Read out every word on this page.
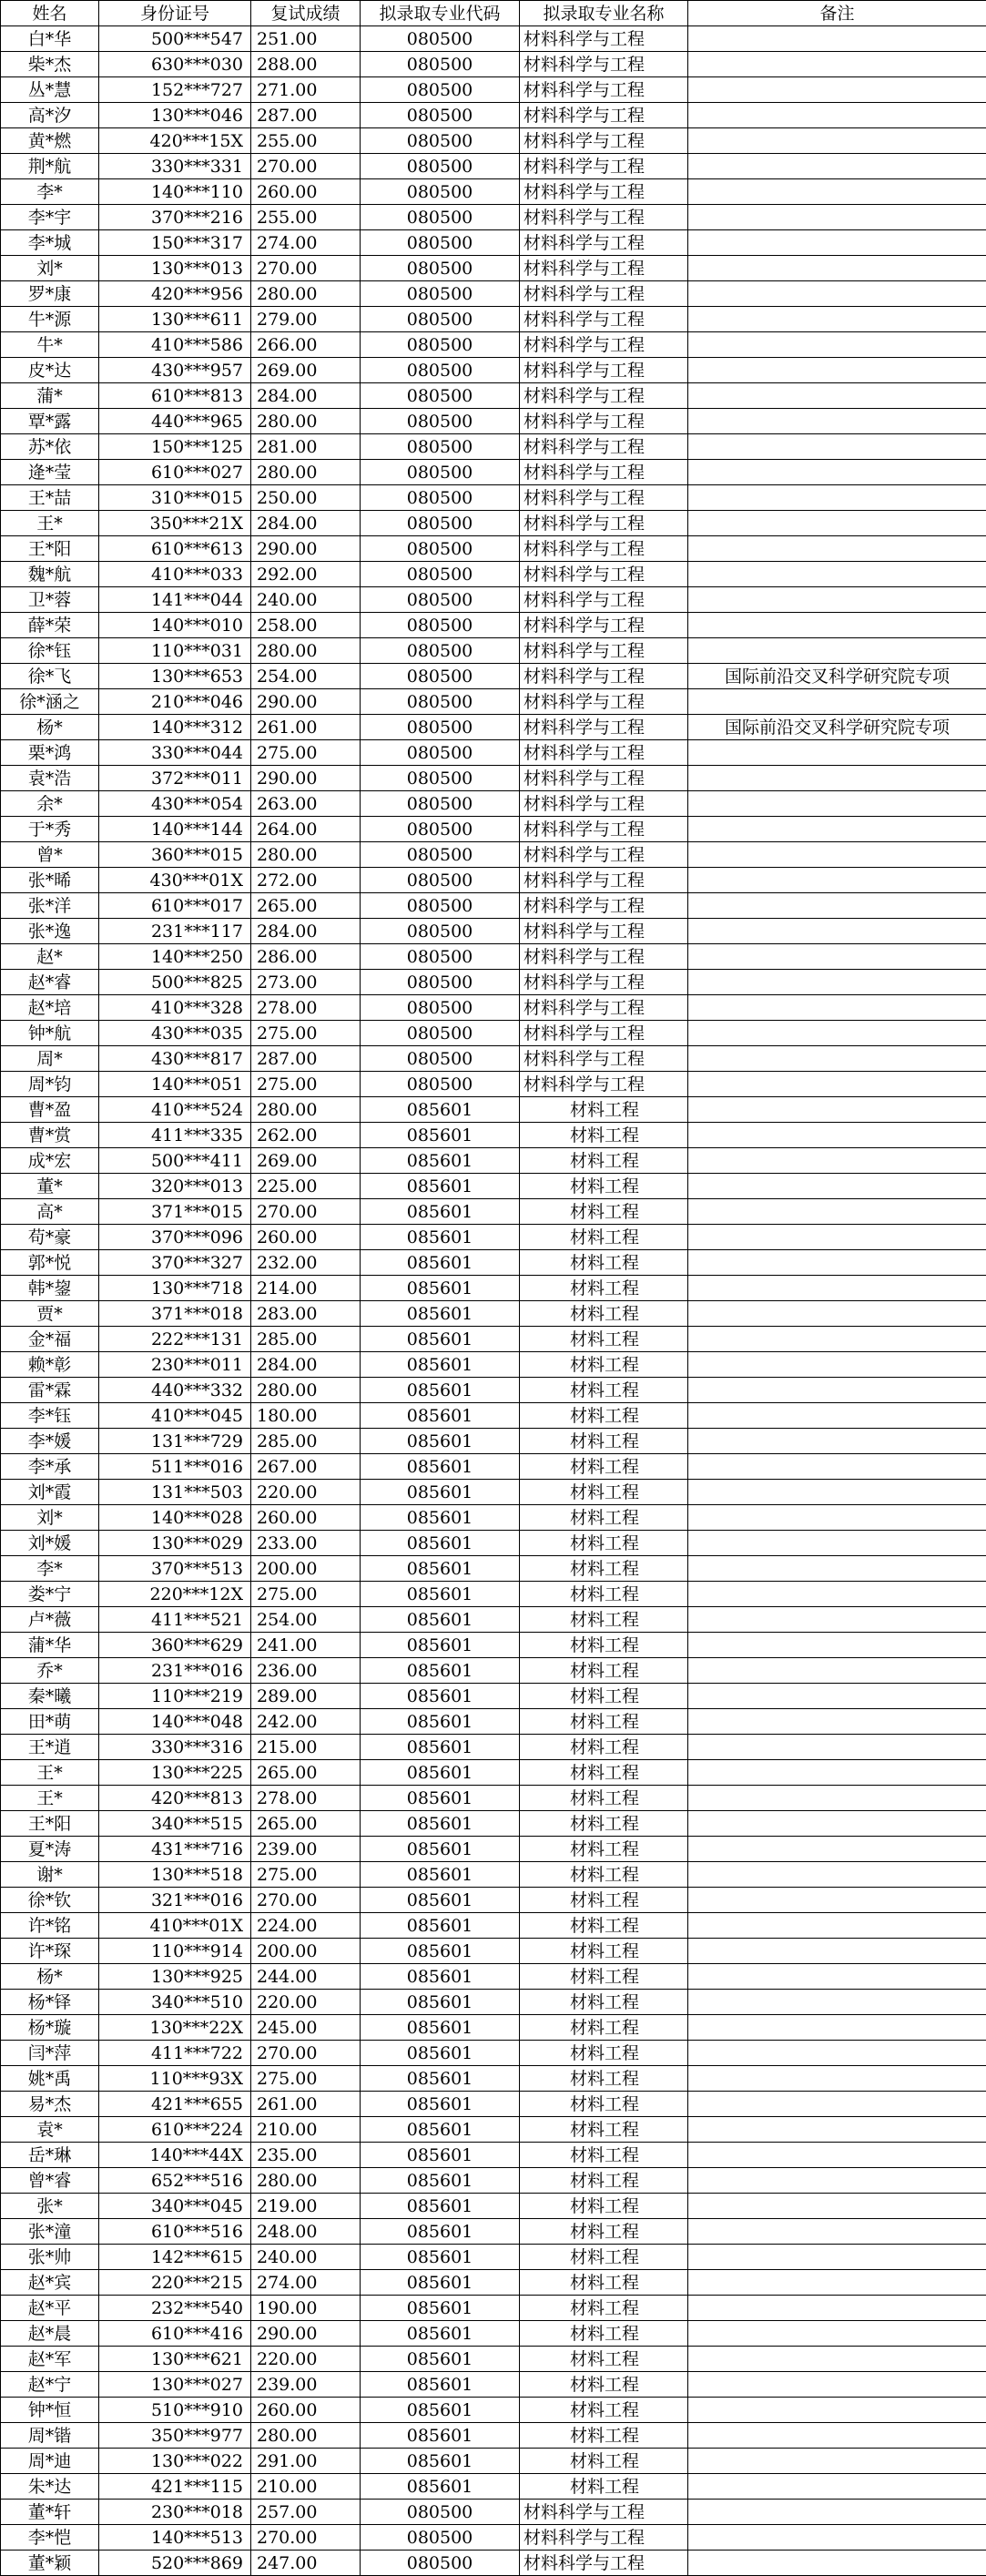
姓名	身份证号	复试成绩	拟录取专业代码	拟录取专业名称	备注
白*华	500***547	251.00	080500	材料科学与工程	
柴*杰	630***030	288.00	080500	材料科学与工程	
丛*慧	152***727	271.00	080500	材料科学与工程	
高*汐	130***046	287.00	080500	材料科学与工程	
黄*燃	420***15X	255.00	080500	材料科学与工程	
荆*航	330***331	270.00	080500	材料科学与工程	
李*	140***110	260.00	080500	材料科学与工程	
李*宇	370***216	255.00	080500	材料科学与工程	
李*城	150***317	274.00	080500	材料科学与工程	
刘*	130***013	270.00	080500	材料科学与工程	
罗*康	420***956	280.00	080500	材料科学与工程	
牛*源	130***611	279.00	080500	材料科学与工程	
牛*	410***586	266.00	080500	材料科学与工程	
皮*达	430***957	269.00	080500	材料科学与工程	
蒲*	610***813	284.00	080500	材料科学与工程	
覃*露	440***965	280.00	080500	材料科学与工程	
苏*依	150***125	281.00	080500	材料科学与工程	
逄*莹	610***027	280.00	080500	材料科学与工程	
王*喆	310***015	250.00	080500	材料科学与工程	
王*	350***21X	284.00	080500	材料科学与工程	
王*阳	610***613	290.00	080500	材料科学与工程	
魏*航	410***033	292.00	080500	材料科学与工程	
卫*蓉	141***044	240.00	080500	材料科学与工程	
薛*荣	140***010	258.00	080500	材料科学与工程	
徐*钰	110***031	280.00	080500	材料科学与工程	
徐*飞	130***653	254.00	080500	材料科学与工程	国际前沿交叉科学研究院专项
徐*涵之	210***046	290.00	080500	材料科学与工程	
杨*	140***312	261.00	080500	材料科学与工程	国际前沿交叉科学研究院专项
栗*鸿	330***044	275.00	080500	材料科学与工程	
袁*浩	372***011	290.00	080500	材料科学与工程	
余*	430***054	263.00	080500	材料科学与工程	
于*秀	140***144	264.00	080500	材料科学与工程	
曾*	360***015	280.00	080500	材料科学与工程	
张*晞	430***01X	272.00	080500	材料科学与工程	
张*洋	610***017	265.00	080500	材料科学与工程	
张*逸	231***117	284.00	080500	材料科学与工程	
赵*	140***250	286.00	080500	材料科学与工程	
赵*睿	500***825	273.00	080500	材料科学与工程	
赵*培	410***328	278.00	080500	材料科学与工程	
钟*航	430***035	275.00	080500	材料科学与工程	
周*	430***817	287.00	080500	材料科学与工程	
周*钧	140***051	275.00	080500	材料科学与工程	
曹*盈	410***524	280.00	085601	材料工程	
曹*赏	411***335	262.00	085601	材料工程	
成*宏	500***411	269.00	085601	材料工程	
董*	320***013	225.00	085601	材料工程	
高*	371***015	270.00	085601	材料工程	
苟*豪	370***096	260.00	085601	材料工程	
郭*悦	370***327	232.00	085601	材料工程	
韩*鋆	130***718	214.00	085601	材料工程	
贾*	371***018	283.00	085601	材料工程	
金*福	222***131	285.00	085601	材料工程	
赖*彰	230***011	284.00	085601	材料工程	
雷*霖	440***332	280.00	085601	材料工程	
李*钰	410***045	180.00	085601	材料工程	
李*媛	131***729	285.00	085601	材料工程	
李*承	511***016	267.00	085601	材料工程	
刘*霞	131***503	220.00	085601	材料工程	
刘*	140***028	260.00	085601	材料工程	
刘*媛	130***029	233.00	085601	材料工程	
李*	370***513	200.00	085601	材料工程	
娄*宁	220***12X	275.00	085601	材料工程	
卢*薇	411***521	254.00	085601	材料工程	
蒲*华	360***629	241.00	085601	材料工程	
乔*	231***016	236.00	085601	材料工程	
秦*曦	110***219	289.00	085601	材料工程	
田*萌	140***048	242.00	085601	材料工程	
王*逍	330***316	215.00	085601	材料工程	
王*	130***225	265.00	085601	材料工程	
王*	420***813	278.00	085601	材料工程	
王*阳	340***515	265.00	085601	材料工程	
夏*涛	431***716	239.00	085601	材料工程	
谢*	130***518	275.00	085601	材料工程	
徐*钦	321***016	270.00	085601	材料工程	
许*铭	410***01X	224.00	085601	材料工程	
许*琛	110***914	200.00	085601	材料工程	
杨*	130***925	244.00	085601	材料工程	
杨*铎	340***510	220.00	085601	材料工程	
杨*璇	130***22X	245.00	085601	材料工程	
闫*萍	411***722	270.00	085601	材料工程	
姚*禹	110***93X	275.00	085601	材料工程	
易*杰	421***655	261.00	085601	材料工程	
袁*	610***224	210.00	085601	材料工程	
岳*琳	140***44X	235.00	085601	材料工程	
曾*睿	652***516	280.00	085601	材料工程	
张*	340***045	219.00	085601	材料工程	
张*潼	610***516	248.00	085601	材料工程	
张*帅	142***615	240.00	085601	材料工程	
赵*宾	220***215	274.00	085601	材料工程	
赵*平	232***540	190.00	085601	材料工程	
赵*晨	610***416	290.00	085601	材料工程	
赵*军	130***621	220.00	085601	材料工程	
赵*宁	130***027	239.00	085601	材料工程	
钟*恒	510***910	260.00	085601	材料工程	
周*锴	350***977	280.00	085601	材料工程	
周*迪	130***022	291.00	085601	材料工程	
朱*达	421***115	210.00	085601	材料工程	
董*轩	230***018	257.00	080500	材料科学与工程	
李*恺	140***513	270.00	080500	材料科学与工程	
董*颖	520***869	247.00	080500	材料科学与工程	
